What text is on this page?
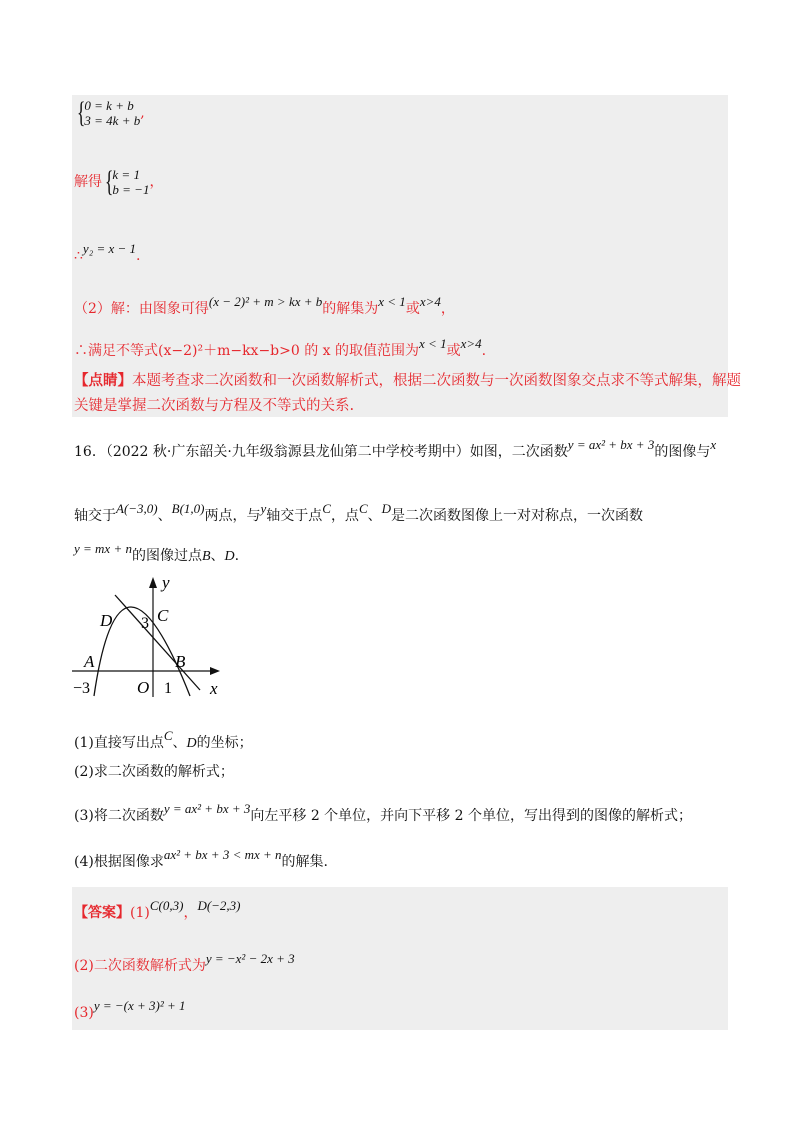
{0 = k + b
3 = 4k + b,
解得{k = 1
b = −1，
∴y₂ = x − 1.
（2）解：由图象可得(x − 2)² + m > kx + b的解集为x < 1或x>4，
∴满足不等式(x−2)²＋m−kx−b>0 的 x 的取值范围为x < 1或x>4.
【点睛】本题考查求二次函数和一次函数解析式，根据二次函数与一次函数图象交点求不等式解集，解题
关键是掌握二次函数与方程及不等式的关系.
16．（2022 秋·广东韶关·九年级翁源县龙仙第二中学校考期中）如图，二次函数y = ax² + bx + 3的图像与x
轴交于A(−3,0)、B(1,0)两点，与y轴交于点C，点C、D是二次函数图像上一对对称点，一次函数
y = mx + n的图像过点B、D.
y
x
O
A	B
C
D 3
−3	1
(1)直接写出点C、D的坐标；
(2)求二次函数的解析式；
(3)将二次函数y = ax² + bx + 3向左平移 2 个单位，并向下平移 2 个单位，写出得到的图像的解析式；
(4)根据图像求ax² + bx + 3 < mx + n的解集.
【答案】(1)C(0,3)，D(−2,3)
(2)二次函数解析式为y = −x² − 2x + 3
(3)y = −(x + 3)² + 1
